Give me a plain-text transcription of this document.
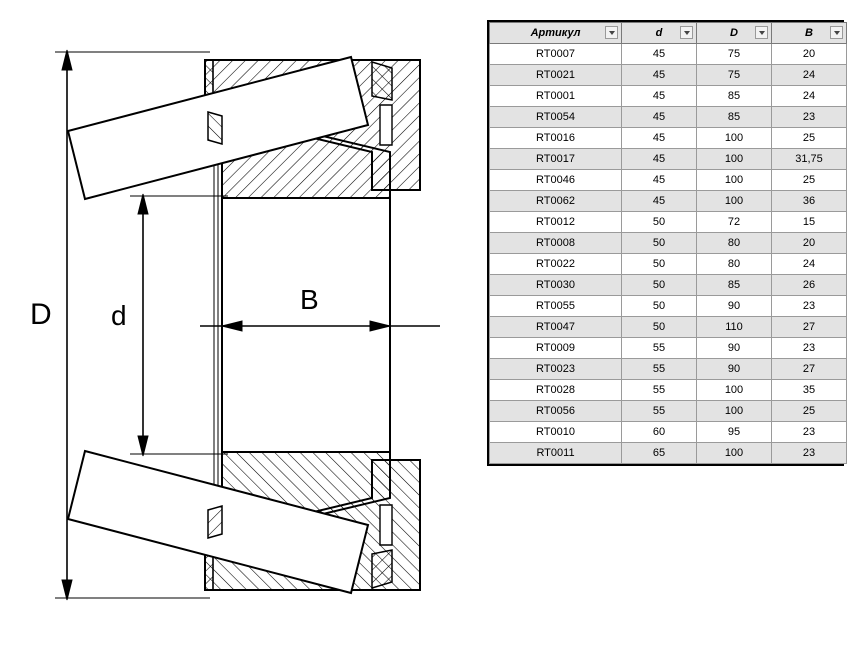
D d
B
Артикул	d	D	B

RT0007	45	75	20
RT0021	45	75	24
RT0001	45	85	24
RT0054	45	85	23
RT0016	45	100	25
RT0017	45	100	31,75
RT0046	45	100	25
RT0062	45	100	36
RT0012	50	72	15
RT0008	50	80	20
RT0022	50	80	24
RT0030	50	85	26
RT0055	50	90	23
RT0047	50	110	27
RT0009	55	90	23
RT0023	55	90	27
RT0028	55	100	35
RT0056	55	100	25
RT0010	60	95	23
RT0011	65	100	23
